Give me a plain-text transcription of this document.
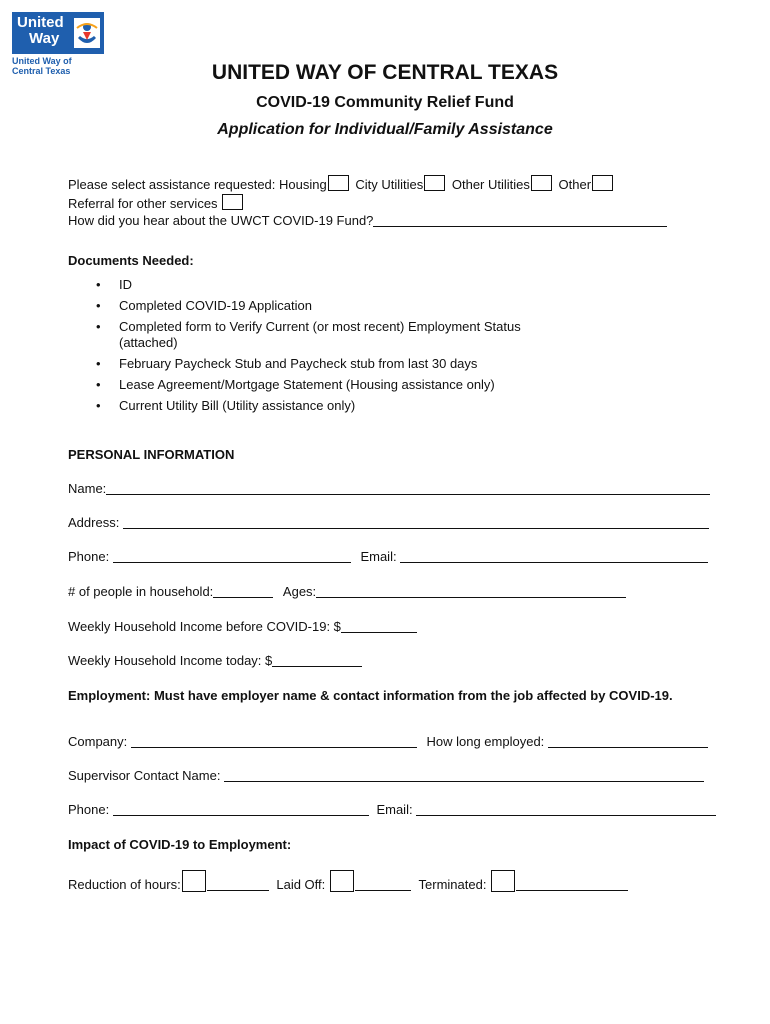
United
Way
United Way of
Central Texas	UNITED WAY OF CENTRAL TEXAS
COVID-19 Community Relief Fund
Application for Individual/Family Assistance
Please select assistance requested: Housing City Utilities Other Utilities Other
Referral for other services
How did you hear about the UWCT COVID-19 Fund?
Documents Needed:
• ID
• Completed COVID-19 Application
• Completed form to Verify Current (or most recent) Employment Status (attached)
• February Paycheck Stub and Paycheck stub from last 30 days
• Lease Agreement/Mortgage Statement (Housing assistance only)
• Current Utility Bill (Utility assistance only)
PERSONAL INFORMATION
Name:
Address:
Phone:	Email:
# of people in household:	Ages:
Weekly Household Income before COVID-19: $
Weekly Household Income today: $
Employment: Must have employer name & contact information from the job affected by COVID-19.
Company:	How long employed:
Supervisor Contact Name:
Phone:	Email:
Impact of COVID-19 to Employment:
Reduction of hours:	Laid Off:	Terminated:
